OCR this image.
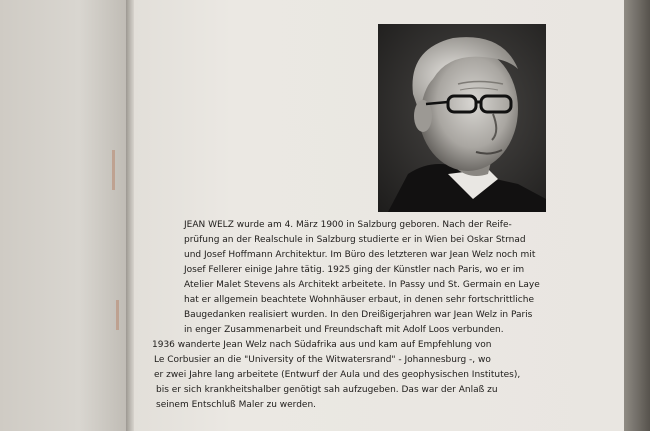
JEAN WELZ wurde am 4. März 1900 in Salzburg geboren. Nach der Reife-
prüfung an der Realschule in Salzburg studierte er in Wien bei Oskar Strnad
und Josef Hoffmann Architektur. Im Büro des letzteren war Jean Welz noch mit
Josef Fellerer einige Jahre tätig. 1925 ging der Künstler nach Paris, wo er im
Atelier Malet Stevens als Architekt arbeitete. In Passy und St. Germain en Laye
hat er allgemein beachtete Wohnhäuser erbaut, in denen sehr fortschrittliche
Baugedanken realisiert wurden. In den Dreißigerjahren war Jean Welz in Paris
in enger Zusammenarbeit und Freundschaft mit Adolf Loos verbunden.
1936 wanderte Jean Welz nach Südafrika aus und kam auf Empfehlung von
Le Corbusier an die "University of the Witwatersrand" - Johannesburg -, wo
er zwei Jahre lang arbeitete (Entwurf der Aula und des geophysischen Institutes),
bis er sich krankheitshalber genötigt sah aufzugeben. Das war der Anlaß zu
seinem Entschluß Maler zu werden.
